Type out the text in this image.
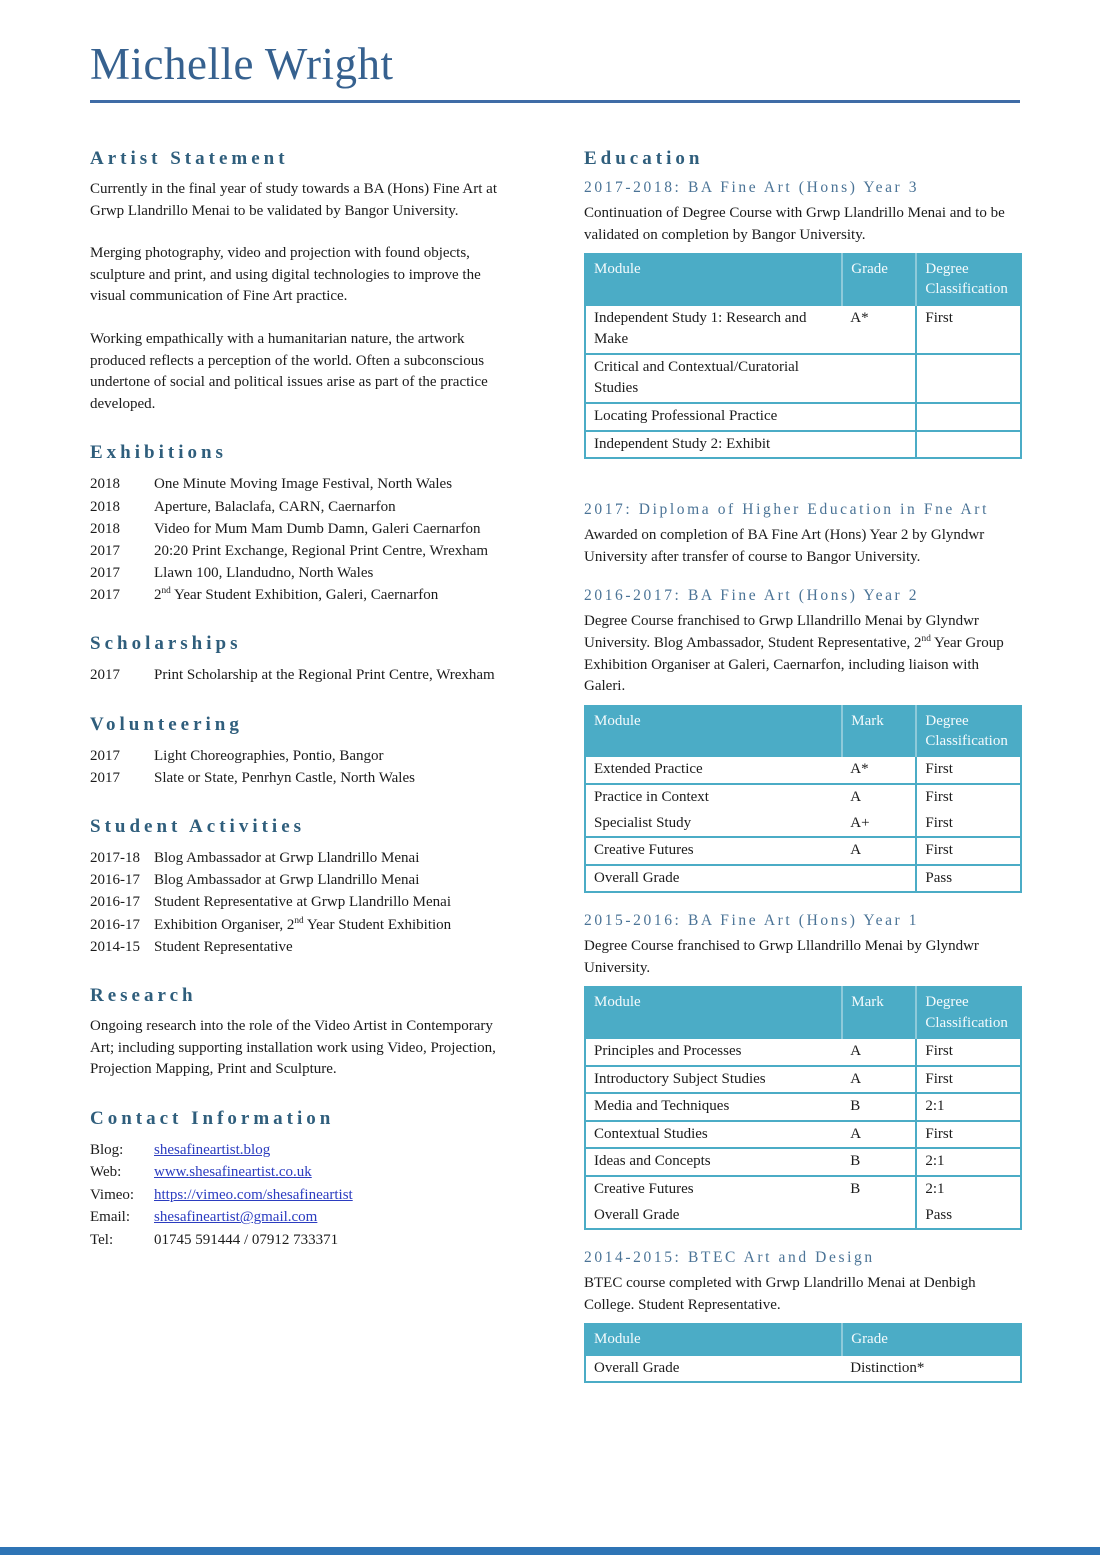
Michelle Wright
Artist Statement

Currently in the final year of study towards a BA (Hons) Fine Art at Grwp Llandrillo Menai to be validated by Bangor University.

Merging photography, video and projection with found objects, sculpture and print, and using digital technologies to improve the visual communication of Fine Art practice.

Working empathically with a humanitarian nature, the artwork produced reflects a perception of the world. Often a subconscious undertone of social and political issues arise as part of the practice developed.

Exhibitions
2018	One Minute Moving Image Festival, North Wales
2018	Aperture, Balaclafa, CARN, Caernarfon
2018	Video for Mum Mam Dumb Damn, Galeri Caernarfon
2017	20:20 Print Exchange, Regional Print Centre, Wrexham
2017	Llawn 100, Llandudno, North Wales
2017	2nd Year Student Exhibition, Galeri, Caernarfon
Scholarships
2017	Print Scholarship at the Regional Print Centre, Wrexham
Volunteering
2017	Light Choreographies, Pontio, Bangor
2017	Slate or State, Penrhyn Castle, North Wales
Student Activities
2017-18 Blog Ambassador at Grwp Llandrillo Menai
2016-17 Blog Ambassador at Grwp Llandrillo Menai
2016-17 Student Representative at Grwp Llandrillo Menai
2016-17 Exhibition Organiser, 2nd Year Student Exhibition
2014-15 Student Representative
Research

Ongoing research into the role of the Video Artist in Contemporary Art; including supporting installation work using Video, Projection, Projection Mapping, Print and Sculpture.

Contact Information
Blog:	shesafineartist.blog
Web:	www.shesafineartist.co.uk
Vimeo:	https://vimeo.com/shesafineartist
Email:	shesafineartist@gmail.com
Tel:	01745 591444 / 07912 733371
Education
2017-2018: BA Fine Art (Hons) Year 3

Continuation of Degree Course with Grwp Llandrillo Menai and to be validated on completion by Bangor University.

Module	Grade	Degree Classification
Independent Study 1: Research and Make	A*	First
Critical and Contextual/Curatorial Studies		
Locating Professional Practice		
Independent Study 2: Exhibit		
2017: Diploma of Higher Education in Fne Art

Awarded on completion of BA Fine Art (Hons) Year 2 by Glyndwr University after transfer of course to Bangor University.

2016-2017: BA Fine Art (Hons) Year 2

Degree Course franchised to Grwp Lllandrillo Menai by Glyndwr University. Blog Ambassador, Student Representative, 2nd Year Group Exhibition Organiser at Galeri, Caernarfon, including liaison with Galeri.

Module	Mark	Degree Classification
Extended Practice	A*	First
Practice in Context	A	First
Specialist Study	A+	First
Creative Futures	A	First
Overall Grade		Pass
2015-2016: BA Fine Art (Hons) Year 1

Degree Course franchised to Grwp Lllandrillo Menai by Glyndwr University.

Module	Mark	Degree Classification
Principles and Processes	A	First
Introductory Subject Studies	A	First
Media and Techniques	B	2:1
Contextual Studies	A	First
Ideas and Concepts	B	2:1
Creative Futures	B	2:1
Overall Grade		Pass
2014-2015: BTEC Art and Design

BTEC course completed with Grwp Llandrillo Menai at Denbigh College. Student Representative.

Module	Grade
Overall Grade	Distinction*
